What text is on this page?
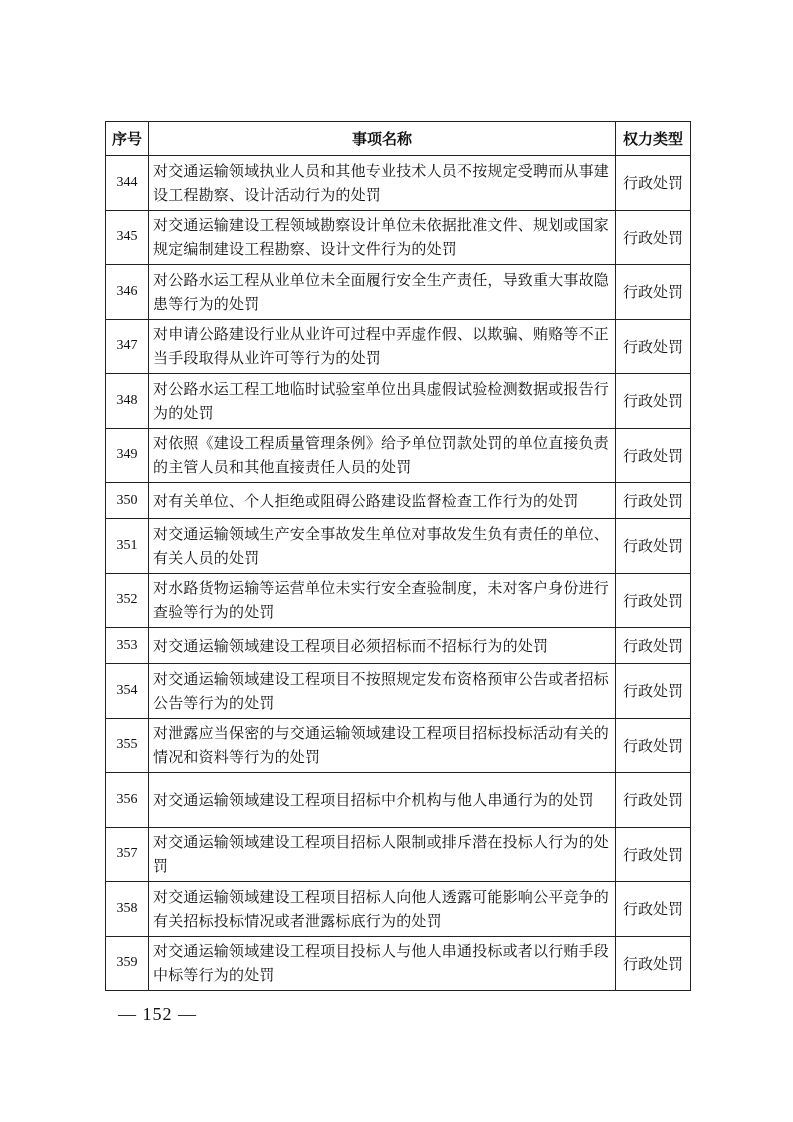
序号	事项名称	权力类型
344	对交通运输领域执业人员和其他专业技术人员不按规定受聘而从事建设工程勘察、设计活动行为的处罚	行政处罚
345	对交通运输建设工程领域勘察设计单位未依据批准文件、规划或国家规定编制建设工程勘察、设计文件行为的处罚	行政处罚
346	对公路水运工程从业单位未全面履行安全生产责任，导致重大事故隐患等行为的处罚	行政处罚
347	对申请公路建设行业从业许可过程中弄虚作假、以欺骗、贿赂等不正当手段取得从业许可等行为的处罚	行政处罚
348	对公路水运工程工地临时试验室单位出具虚假试验检测数据或报告行为的处罚	行政处罚
349	对依照《建设工程质量管理条例》给予单位罚款处罚的单位直接负责的主管人员和其他直接责任人员的处罚	行政处罚
350	对有关单位、个人拒绝或阻碍公路建设监督检查工作行为的处罚	行政处罚
351	对交通运输领域生产安全事故发生单位对事故发生负有责任的单位、有关人员的处罚	行政处罚
352	对水路货物运输等运营单位未实行安全查验制度，未对客户身份进行查验等行为的处罚	行政处罚
353	对交通运输领域建设工程项目必须招标而不招标行为的处罚	行政处罚
354	对交通运输领域建设工程项目不按照规定发布资格预审公告或者招标公告等行为的处罚	行政处罚
355	对泄露应当保密的与交通运输领域建设工程项目招标投标活动有关的情况和资料等行为的处罚	行政处罚
356	对交通运输领域建设工程项目招标中介机构与他人串通行为的处罚	行政处罚
357	对交通运输领域建设工程项目招标人限制或排斥潜在投标人行为的处罚	行政处罚
358	对交通运输领域建设工程项目招标人向他人透露可能影响公平竞争的有关招标投标情况或者泄露标底行为的处罚	行政处罚
359	对交通运输领域建设工程项目投标人与他人串通投标或者以行贿手段中标等行为的处罚	行政处罚
— 152 —
